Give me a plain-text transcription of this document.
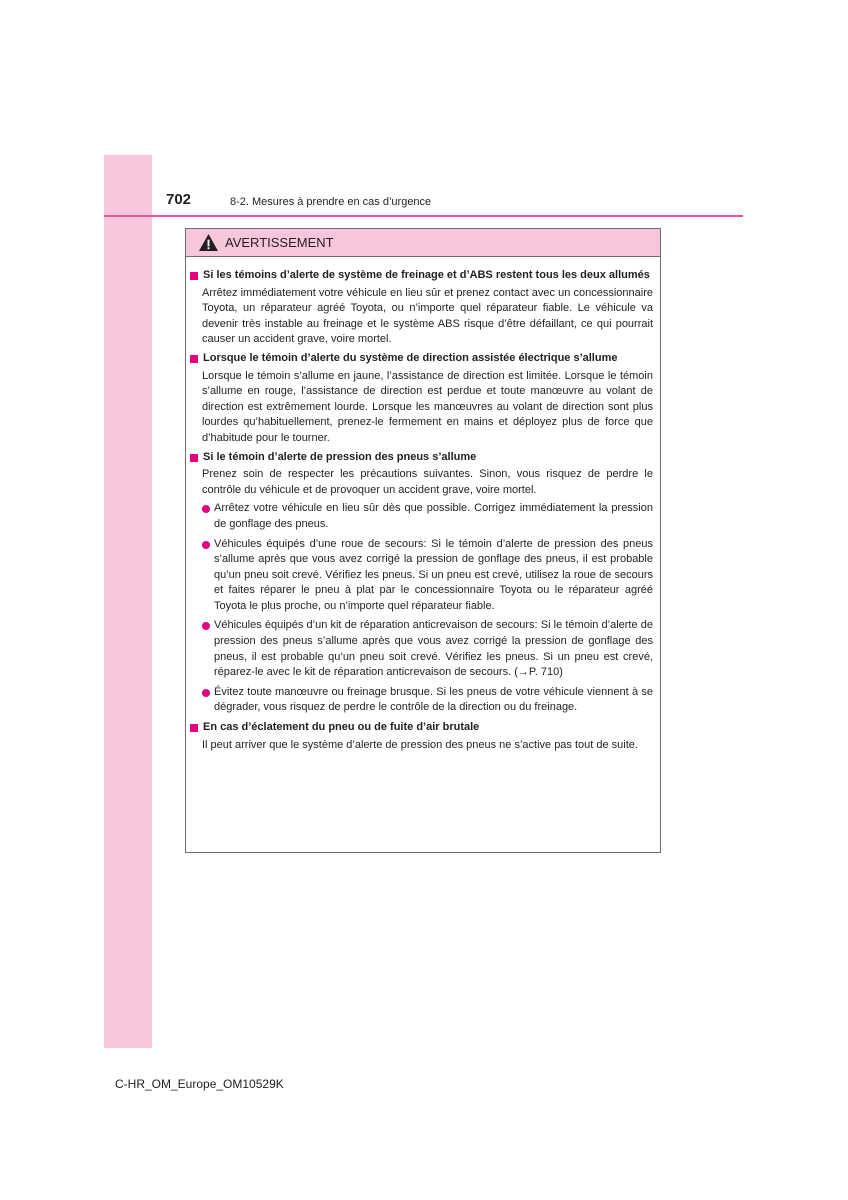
702	8-2. Mesures à prendre en cas d’urgence
AVERTISSEMENT
Si les témoins d’alerte de système de freinage et d’ABS restent tous les deux allumés
Arrêtez immédiatement votre véhicule en lieu sûr et prenez contact avec un concessionnaire Toyota, un réparateur agréé Toyota, ou n’importe quel réparateur fiable. Le véhicule va devenir très instable au freinage et le système ABS risque d’être défaillant, ce qui pourrait causer un accident grave, voire mortel.
Lorsque le témoin d’alerte du système de direction assistée électrique s’allume
Lorsque le témoin s’allume en jaune, l’assistance de direction est limitée. Lorsque le témoin s’allume en rouge, l’assistance de direction est perdue et toute manœuvre au volant de direction est extrêmement lourde. Lorsque les manœuvres au volant de direction sont plus lourdes qu’habituellement, prenez-le fermement en mains et déployez plus de force que d’habitude pour le tourner.
Si le témoin d’alerte de pression des pneus s’allume
Prenez soin de respecter les précautions suivantes. Sinon, vous risquez de perdre le contrôle du véhicule et de provoquer un accident grave, voire mortel.
Arrêtez votre véhicule en lieu sûr dès que possible. Corrigez immédiatement la pression de gonflage des pneus.
Véhicules équipés d’une roue de secours: Si le témoin d’alerte de pression des pneus s’allume après que vous avez corrigé la pression de gonflage des pneus, il est probable qu’un pneu soit crevé. Vérifiez les pneus. Si un pneu est crevé, utilisez la roue de secours et faites réparer le pneu à plat par le concessionnaire Toyota ou le réparateur agréé Toyota le plus proche, ou n’importe quel réparateur fiable.
Véhicules équipés d’un kit de réparation anticrevaison de secours: Si le témoin d’alerte de pression des pneus s’allume après que vous avez corrigé la pression de gonflage des pneus, il est probable qu’un pneu soit crevé. Vérifiez les pneus. Si un pneu est crevé, réparez-le avec le kit de réparation anticrevaison de secours. (→P. 710)
Évitez toute manœuvre ou freinage brusque. Si les pneus de votre véhicule viennent à se dégrader, vous risquez de perdre le contrôle de la direction ou du freinage.
En cas d’éclatement du pneu ou de fuite d’air brutale
Il peut arriver que le système d’alerte de pression des pneus ne s’active pas tout de suite.
C-HR_OM_Europe_OM10529K
